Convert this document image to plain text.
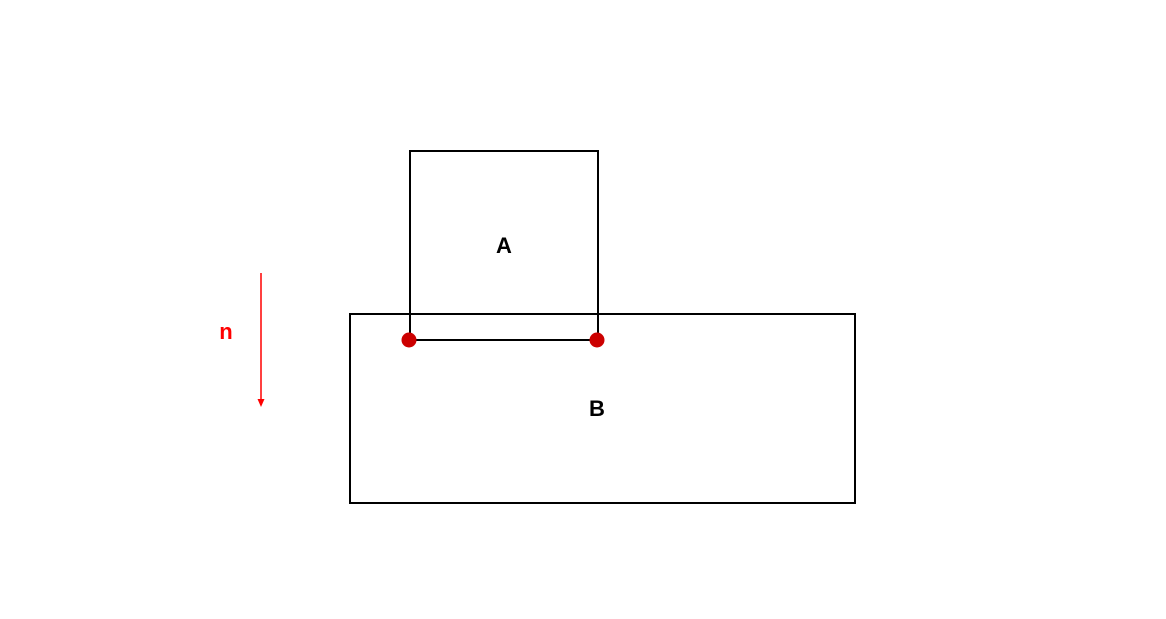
A
B
n
